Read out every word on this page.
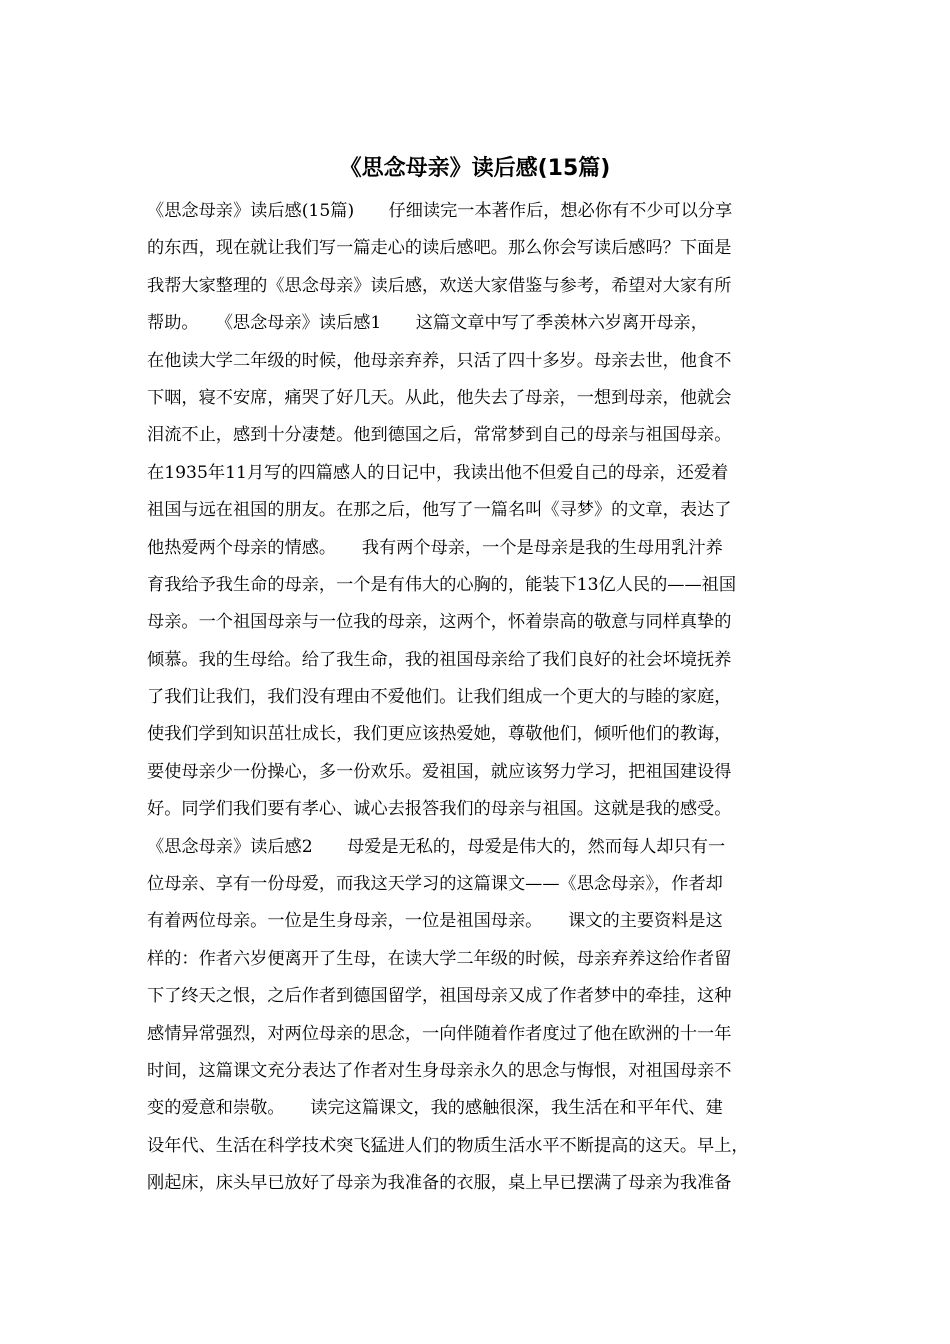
《思念母亲》读后感(15篇)
《思念母亲》读后感(15篇)　　仔细读完一本著作后，想必你有不少可以分享
的东西，现在就让我们写一篇走心的读后感吧。那么你会写读后感吗？下面是
我帮大家整理的《思念母亲》读后感，欢送大家借鉴与参考，希望对大家有所
帮助。　　《思念母亲》读后感1　　这篇文章中写了季羡林六岁离开母亲，
在他读大学二年级的时候，他母亲弃养，只活了四十多岁。母亲去世，他食不
下咽，寝不安席，痛哭了好几天。从此，他失去了母亲，一想到母亲，他就会
泪流不止，感到十分凄楚。他到德国之后，常常梦到自己的母亲与祖国母亲。
在1935年11月写的四篇感人的日记中，我读出他不但爱自己的母亲，还爱着
祖国与远在祖国的朋友。在那之后，他写了一篇名叫《寻梦》的文章，表达了
他热爱两个母亲的情感。　　我有两个母亲，一个是母亲是我的生母用乳汁养
育我给予我生命的母亲，一个是有伟大的心胸的，能装下13亿人民的——祖国
母亲。一个祖国母亲与一位我的母亲，这两个，怀着崇高的敬意与同样真挚的
倾慕。我的生母给。给了我生命，我的祖国母亲给了我们良好的社会坏境抚养
了我们让我们，我们没有理由不爱他们。让我们组成一个更大的与睦的家庭，
使我们学到知识茁壮成长，我们更应该热爱她，尊敬他们，倾听他们的教诲，
要使母亲少一份操心，多一份欢乐。爱祖国，就应该努力学习，把祖国建设得
好。同学们我们要有孝心、诚心去报答我们的母亲与祖国。这就是我的感受。
《思念母亲》读后感2　　母爱是无私的，母爱是伟大的，然而每人却只有一
位母亲、享有一份母爱，而我这天学习的这篇课文——《思念母亲》，作者却
有着两位母亲。一位是生身母亲，一位是祖国母亲。　　课文的主要资料是这
样的：作者六岁便离开了生母，在读大学二年级的时候，母亲弃养这给作者留
下了终天之恨，之后作者到德国留学，祖国母亲又成了作者梦中的牵挂，这种
感情异常强烈，对两位母亲的思念，一向伴随着作者度过了他在欧洲的十一年
时间，这篇课文充分表达了作者对生身母亲永久的思念与悔恨，对祖国母亲不
变的爱意和崇敬。　　读完这篇课文，我的感触很深，我生活在和平年代、建
设年代、生活在科学技术突飞猛进人们的物质生活水平不断提高的这天。早上，
刚起床，床头早已放好了母亲为我准备的衣服，桌上早已摆满了母亲为我准备
